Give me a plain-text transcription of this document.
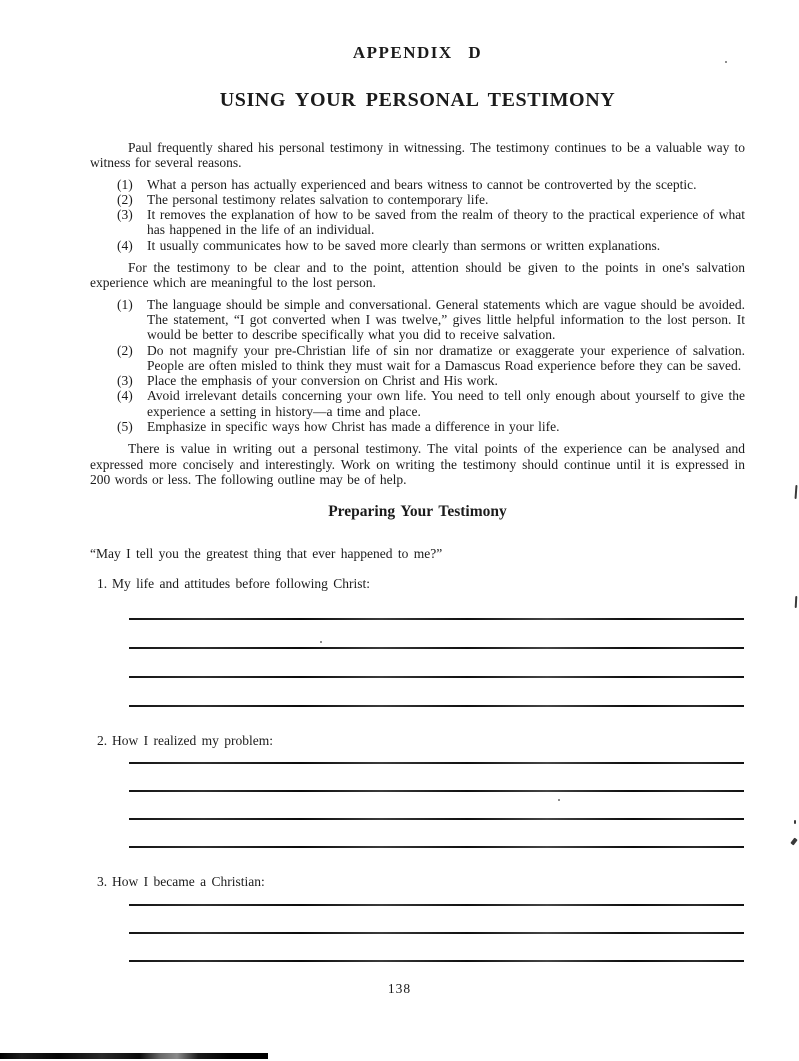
APPENDIX D
USING YOUR PERSONAL TESTIMONY

Paul frequently shared his personal testimony in witnessing. The testimony continues to be a valuable way to witness for several reasons.

(1) What a person has actually experienced and bears witness to cannot be controverted by the sceptic.
(2) The personal testimony relates salvation to contemporary life.
(3) It removes the explanation of how to be saved from the realm of theory to the practical experience of what has happened in the life of an individual.
(4) It usually communicates how to be saved more clearly than sermons or written explanations.

For the testimony to be clear and to the point, attention should be given to the points in one's salvation experience which are meaningful to the lost person.

(1) The language should be simple and conversational. General statements which are vague should be avoided. The statement, “I got converted when I was twelve,” gives little helpful information to the lost person. It would be better to describe specifically what you did to receive salvation.
(2) Do not magnify your pre-Christian life of sin nor dramatize or exaggerate your experience of salvation. People are often misled to think they must wait for a Damascus Road experience before they can be saved.
(3) Place the emphasis of your conversion on Christ and His work.
(4) Avoid irrelevant details concerning your own life. You need to tell only enough about yourself to give the experience a setting in history—a time and place.
(5) Emphasize in specific ways how Christ has made a difference in your life.

There is value in writing out a personal testimony. The vital points of the experience can be analysed and expressed more concisely and interestingly. Work on writing the testimony should continue until it is expressed in 200 words or less. The following outline may be of help.

Preparing Your Testimony

“May I tell you the greatest thing that ever happened to me?”

1. My life and attitudes before following Christ:
2. How I realized my problem:
3. How I became a Christian:
138
